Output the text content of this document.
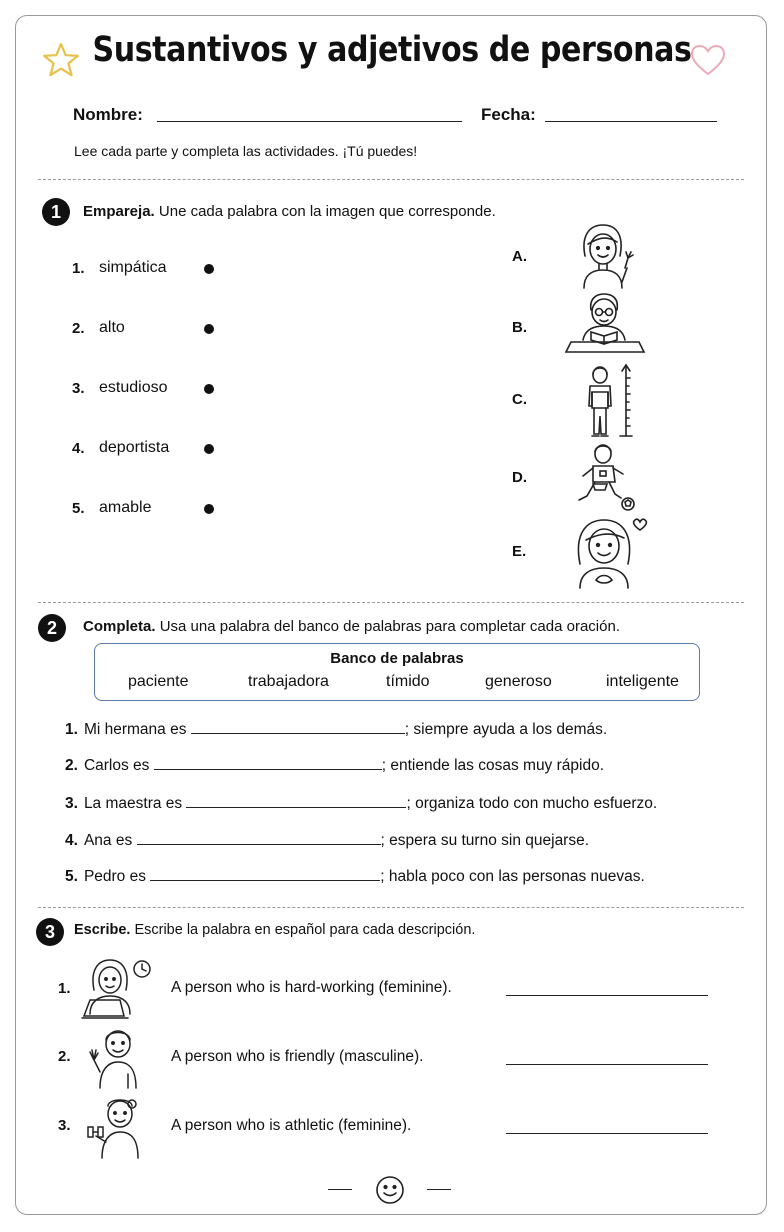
Sustantivos y adjetivos de personas
Nombre:	Fecha:
Lee cada parte y completa las actividades. ¡Tú puedes!
1	Empareja. Une cada palabra con la imagen que corresponde.
1. simpática
2. alto
3. estudioso
4. deportista
5. amable
A.
B.
C.
D.
E.
2	Completa. Usa una palabra del banco de palabras para completar cada oración.
Banco de palabras
paciente	trabajadora	tímido	generoso	inteligente
1. Mi hermana es	; siempre ayuda a los demás.
2. Carlos es	; entiende las cosas muy rápido.
3. La maestra es	; organiza todo con mucho esfuerzo.
4. Ana es	; espera su turno sin quejarse.
5. Pedro es	; habla poco con las personas nuevas.
3	Escribe. Escribe la palabra en español para cada descripción.
1.	A person who is hard-working (feminine).
2.	A person who is friendly (masculine).
3.	A person who is athletic (feminine).
